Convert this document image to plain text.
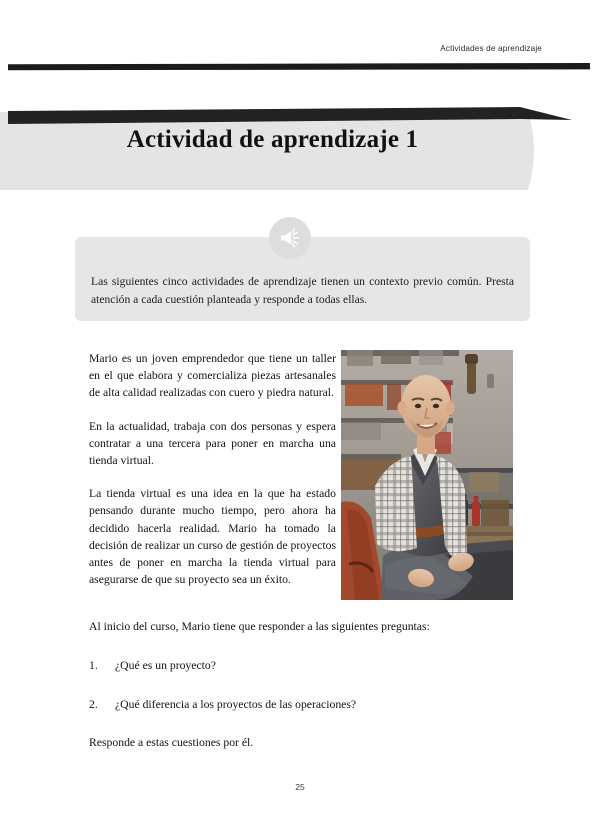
Actividades de aprendizaje
Actividad de aprendizaje 1
Las siguientes cinco actividades de aprendizaje tienen un contexto previo común. Presta atención a cada cuestión planteada y responde a todas ellas.

Mario es un joven emprendedor que tiene un taller en el que elabora y comercializa piezas artesanales de alta calidad realizadas con cuero y piedra natural.

En la actualidad, trabaja con dos personas y espera contratar a una tercera para poner en marcha una tienda virtual.

La tienda virtual es una idea en la que ha estado pensando durante mucho tiempo, pero ahora ha decidido hacerla realidad. Mario ha tomado la decisión de realizar un curso de gestión de proyectos antes de poner en marcha la tienda virtual para asegurarse de que su proyecto sea un éxito.

Al inicio del curso, Mario tiene que responder a las siguientes preguntas:

1.	¿Qué es un proyecto?
2.	¿Qué diferencia a los proyectos de las operaciones?

Responde a estas cuestiones por él.

25
